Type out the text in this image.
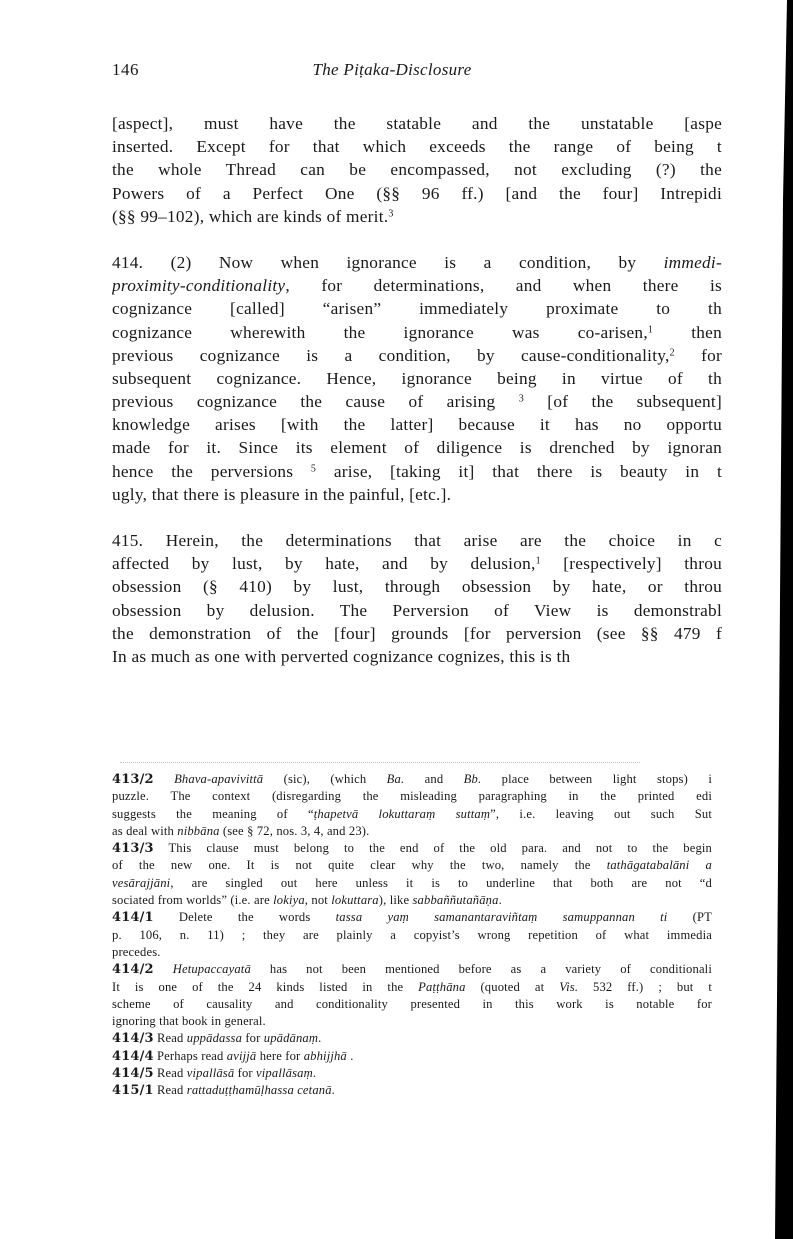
146	The Piṭaka-Disclosure
[aspect], must have the statable and the unstatable [aspe
inserted. Except for that which exceeds the range of being t
the whole Thread can be encompassed, not excluding (?) the
Powers of a Perfect One (§§ 96 ff.) [and the four] Intrepidi
(§§ 99–102), which are kinds of merit.$^3$
414. (2) Now when ignorance is a condition, by immedi-
proximity-conditionality, for determinations, and when there is
cognizance [called] “arisen” immediately proximate to th
cognizance wherewith the ignorance was co-arisen,$^1$ then
previous cognizance is a condition, by cause-conditionality,$^2$ for
subsequent cognizance. Hence, ignorance being in virtue of th
previous cognizance the cause of arising $^3$ [of the subsequent]
knowledge arises [with the latter] because it has no opportu
made for it. Since its element of diligence is drenched by ignoran
hence the perversions $^5$ arise, [taking it] that there is beauty in t
ugly, that there is pleasure in the painful, [etc.].
415. Herein, the determinations that arise are the choice in c
affected by lust, by hate, and by delusion,$^1$ [respectively] throu
obsession (§ 410) by lust, through obsession by hate, or throu
obsession by delusion. The Perversion of View is demonstrabl
the demonstration of the [four] grounds [for perversion (see §§ 479 f
In as much as one with perverted cognizance cognizes, this is th
413/2 Bhava-apavivittā (sic), (which Ba. and Bb. place between light stops) i
puzzle. The context (disregarding the misleading paragraphing in the printed edi
suggests the meaning of “ṭhapetvā lokuttaraṃ suttaṃ”, i.e. leaving out such Sut
as deal with nibbāna (see § 72, nos. 3, 4, and 23).
413/3 This clause must belong to the end of the old para. and not to the begin
of the new one. It is not quite clear why the two, namely the tathāgatabalāni a
vesārajjāni, are singled out here unless it is to underline that both are not “d
sociated from worlds” (i.e. are lokiya, not lokuttara), like sabbaññutañāṇa.
414/1 Delete the words tassa yaṃ samanantaraviñtaṃ samuppannan ti (PT
p. 106, n. 11) ; they are plainly a copyist’s wrong repetition of what immedia
precedes.
414/2 Hetupaccayatā has not been mentioned before as a variety of conditionali
It is one of the 24 kinds listed in the Paṭṭhāna (quoted at Vis. 532 ff.) ; but t
scheme of causality and conditionality presented in this work is notable for
ignoring that book in general.
414/3 Read uppādassa for upādānaṃ.
414/4 Perhaps read avijjā here for abhijjhā .
414/5 Read vipallāsā for vipallāsaṃ.
415/1 Read rattaduṭṭhamūḷhassa cetanā.
